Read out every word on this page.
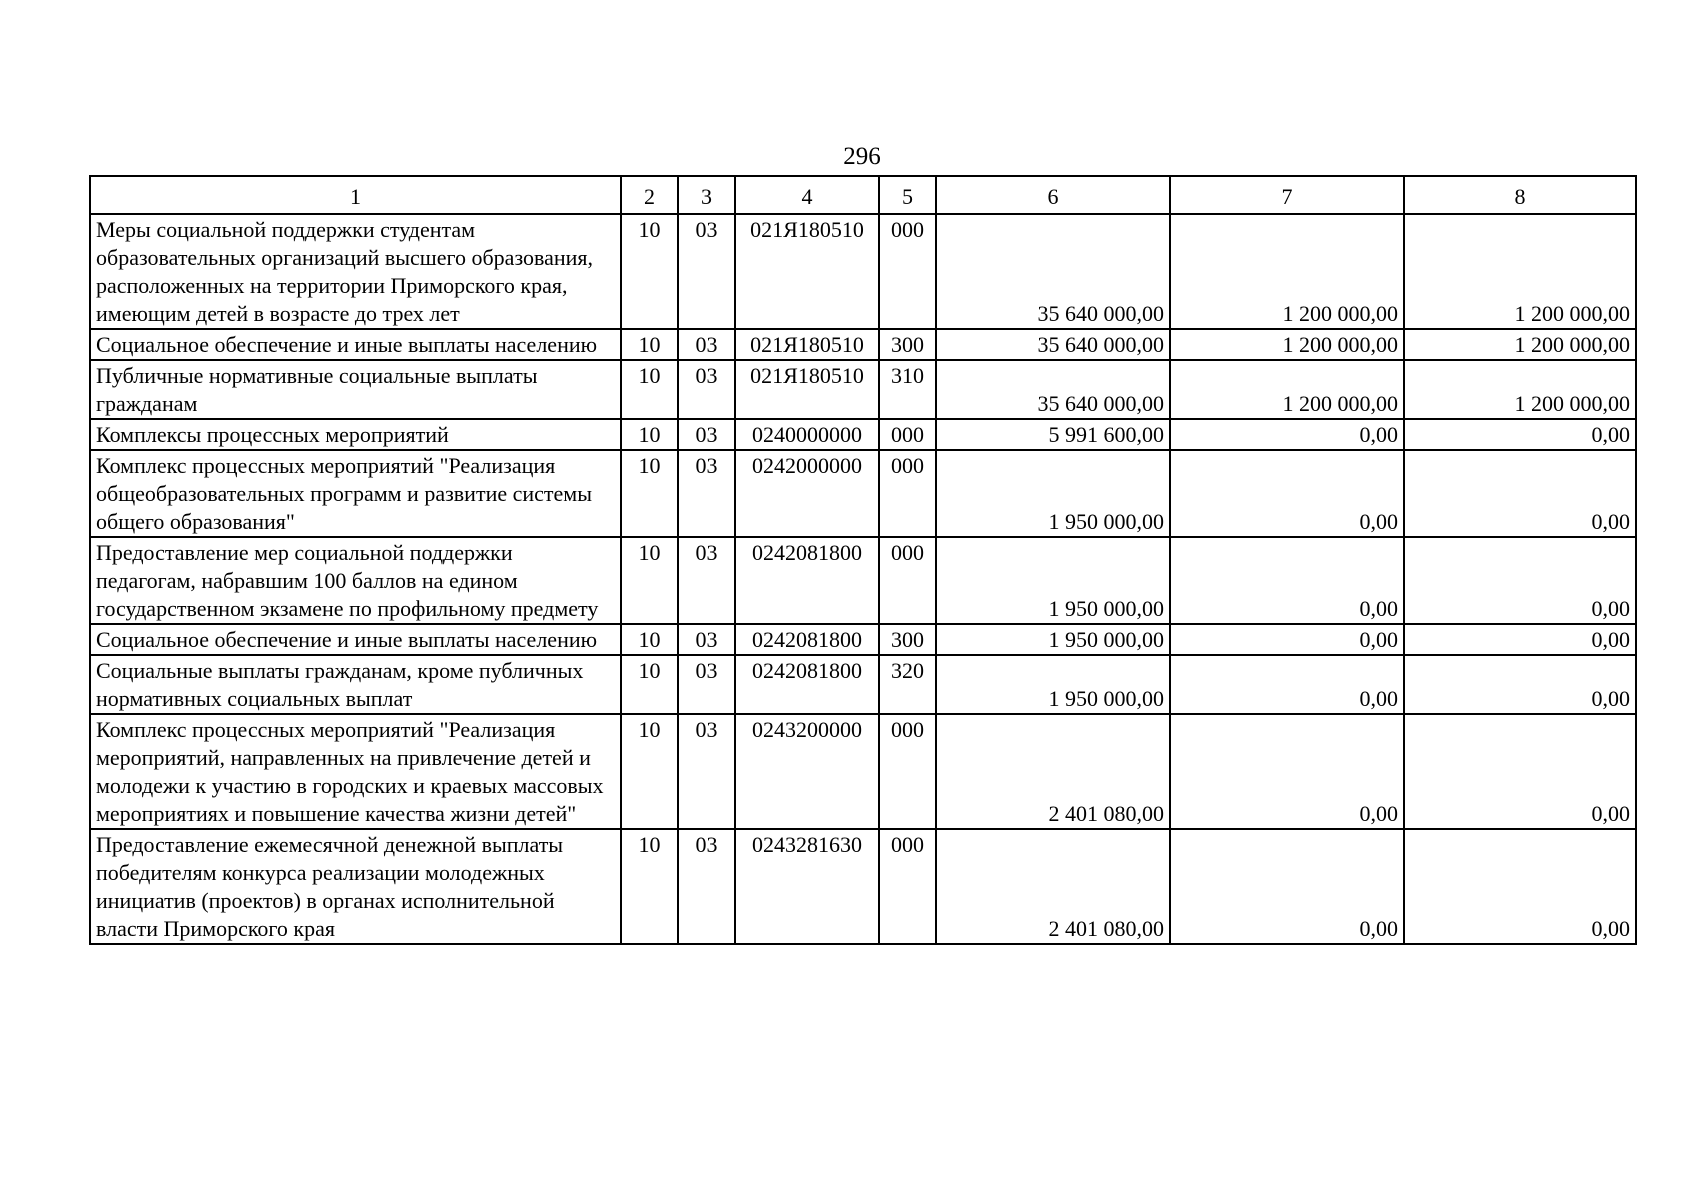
296
1	2	3	4	5	6	7	8
Меры социальной поддержки студентам образовательных организаций высшего образования, расположенных на территории Приморского края, имеющим детей в возрасте до трех лет	10	03	021Я180510	000	35 640 000,00	1 200 000,00	1 200 000,00
Социальное обеспечение и иные выплаты населению	10	03	021Я180510	300	35 640 000,00	1 200 000,00	1 200 000,00
Публичные нормативные социальные выплаты гражданам	10	03	021Я180510	310	35 640 000,00	1 200 000,00	1 200 000,00
Комплексы процессных мероприятий	10	03	0240000000	000	5 991 600,00	0,00	0,00
Комплекс процессных мероприятий "Реализация общеобразовательных программ и развитие системы общего образования"	10	03	0242000000	000	1 950 000,00	0,00	0,00
Предоставление мер социальной поддержки педагогам, набравшим 100 баллов на едином государственном экзамене по профильному предмету	10	03	0242081800	000	1 950 000,00	0,00	0,00
Социальное обеспечение и иные выплаты населению	10	03	0242081800	300	1 950 000,00	0,00	0,00
Социальные выплаты гражданам, кроме публичных нормативных социальных выплат	10	03	0242081800	320	1 950 000,00	0,00	0,00
Комплекс процессных мероприятий "Реализация мероприятий, направленных на привлечение детей и молодежи к участию в городских и краевых массовых мероприятиях и повышение качества жизни детей"	10	03	0243200000	000	2 401 080,00	0,00	0,00
Предоставление ежемесячной денежной выплаты победителям конкурса реализации молодежных инициатив (проектов) в органах исполнительной власти Приморского края	10	03	0243281630	000	2 401 080,00	0,00	0,00
